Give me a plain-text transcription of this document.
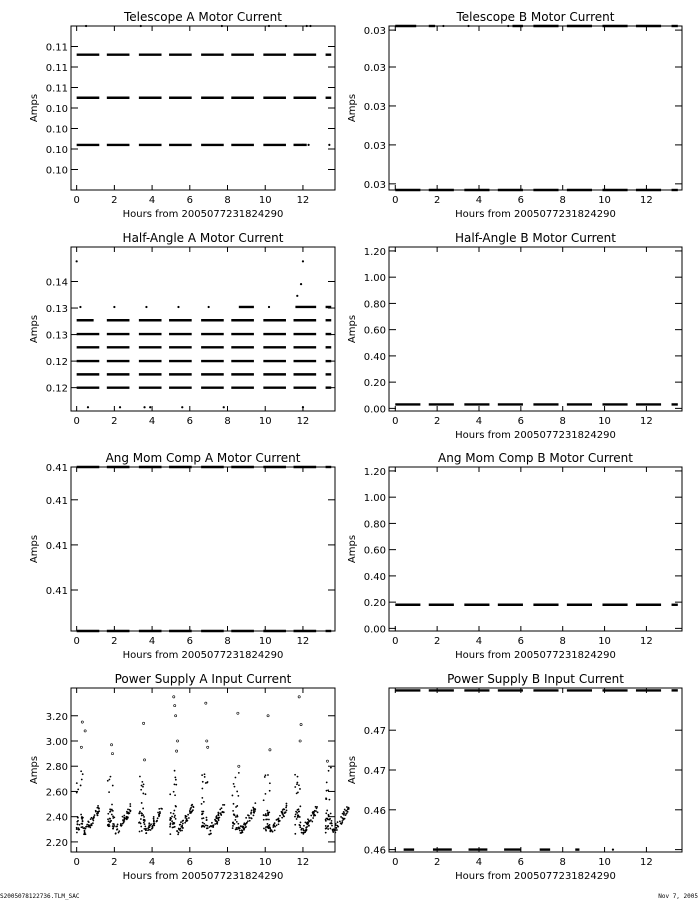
Telescope A Motor Current
Hours from 2005077231824290
Amps
0	2	4	6	8	10 12
0.10
0.10
0.10
0.10
0.11
0.11
0.11
Telescope B Motor Current
Hours from 2005077231824290
Amps
0	2	4	6	8	10	12
0.03
0.03
0.03
0.03
0.03
Half-Angle A Motor Current
Amps
0	2	4	6	8	10 12
0.12
0.12
0.13
0.13
0.14
Half-Angle B Motor Current
Hours from 2005077231824290
Amps
0	2	4	6	8	10	12
0.00
0.20
0.40
0.60
0.80
1.00
1.20
Ang Mom Comp A Motor Current
Hours from 2005077231824290
Amps
0	2	4	6	8	10 12
0.41
0.41
0.41
0.41
Ang Mom Comp B Motor Current
Hours from 2005077231824290
Amps
0	2	4	6	8	10	12
0.00
0.20
0.40
0.60
0.80
1.00
1.20
Power Supply A Input Current
Hours from 2005077231824290
Amps
0	2	4	6	8	10 12
2.20
2.40
2.60
2.80
3.00
3.20
Power Supply B Input Current
Hours from 2005077231824290
Amps
0	2	4	6	8	10	12
0.46
0.46
0.47
0.47
S2005078122736.TLM_SAC	Nov 7, 2005
